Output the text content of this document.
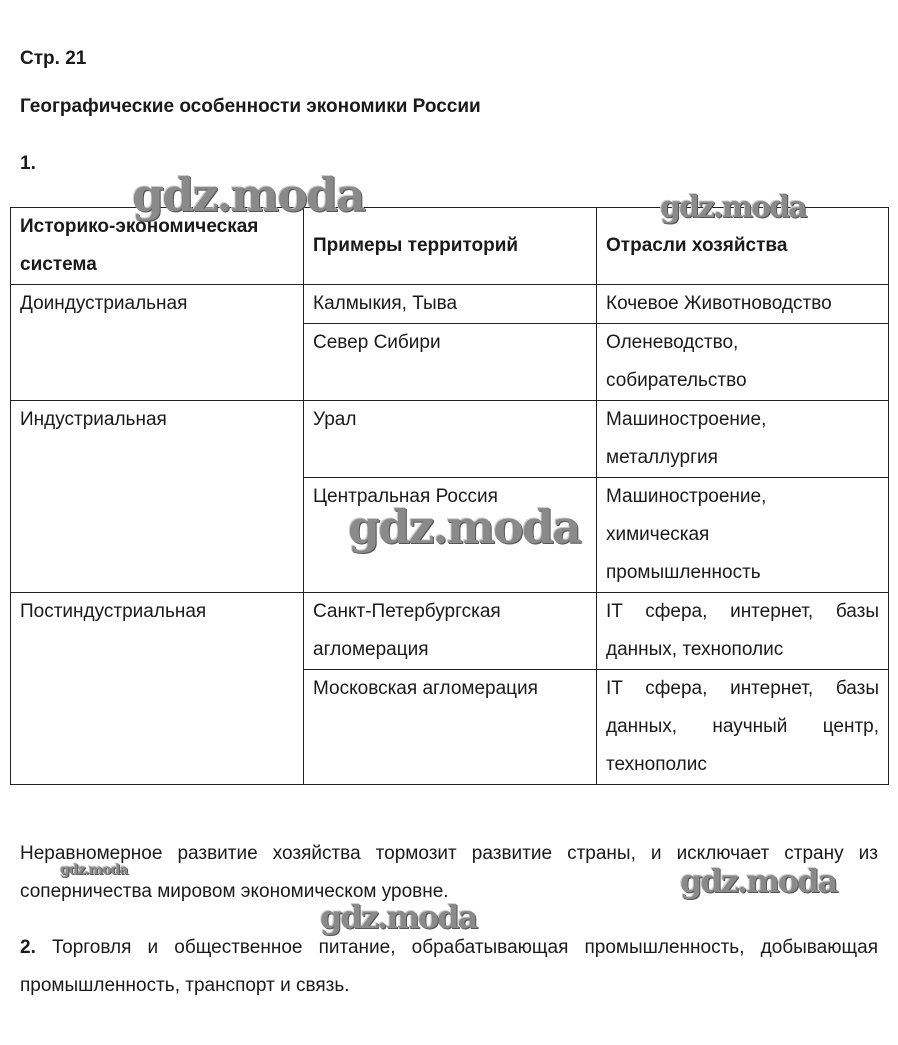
Стр. 21
Географические особенности экономики России
1.
Историко-экономическая система	Примеры территорий	Отрасли хозяйства
Доиндустриальная	Калмыкия, Тыва	Кочевое Животноводство
	Север Сибири	Оленеводство, собирательство
Индустриальная	Урал	Машиностроение, металлургия
	Центральная Россия	Машиностроение, химическая промышленность
Постиндустриальная	Санкт-Петербургская агломерация	IT сфера, интернет, базы данных, технополис
	Московская агломерация	IT сфера, интернет, базы данных, научный центр, технополис
Неравномерное развитие хозяйства тормозит развитие страны, и исключает страну из соперничества мировом экономическом уровне.
2. Торговля и общественное питание, обрабатывающая промышленность, добывающая промышленность, транспорт и связь.
gdz.moda	gdz.moda
gdz.moda
gdz.moda	gdz.moda
gdz.moda
